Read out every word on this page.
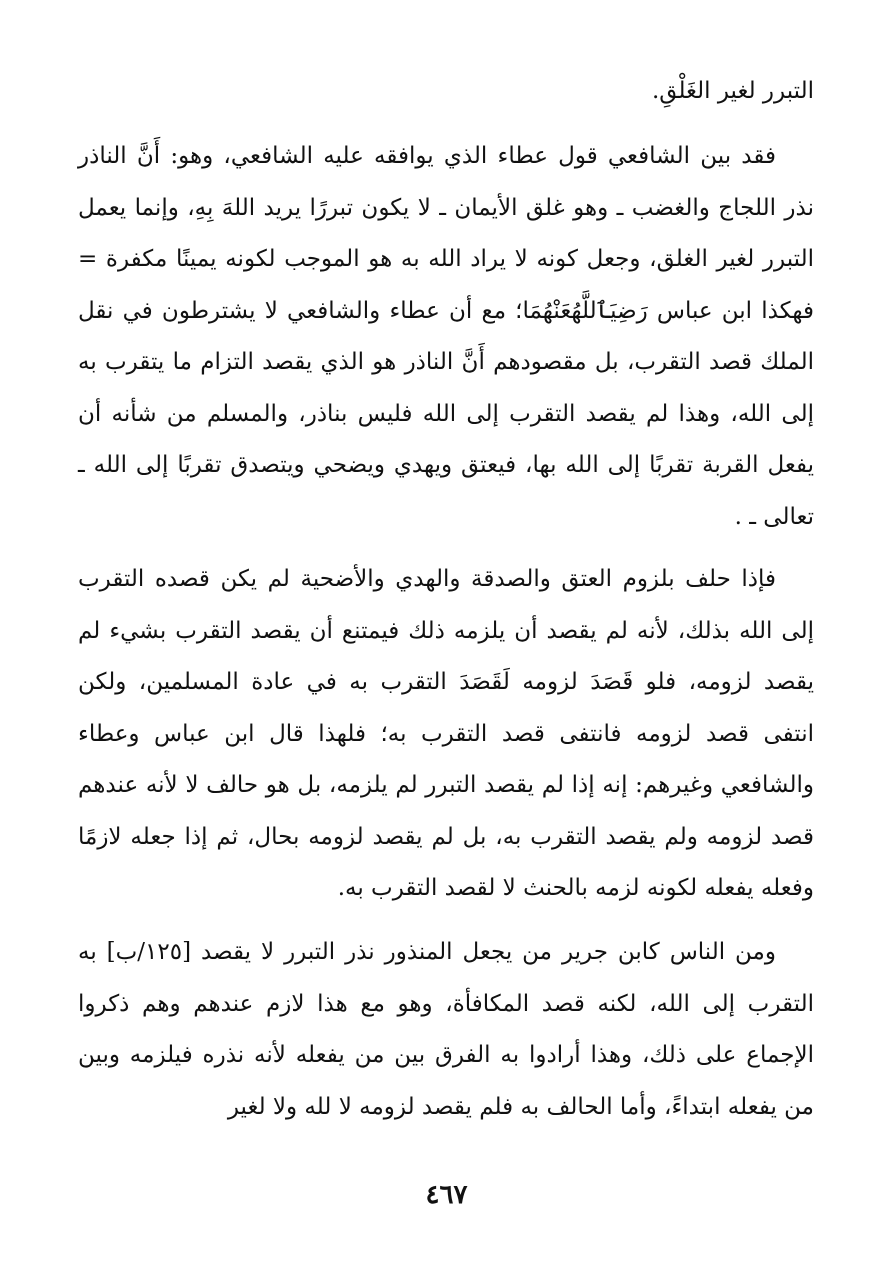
التبرر لغير الغَلْقِ.

فقد بين الشافعي قول عطاء الذي يوافقه عليه الشافعي، وهو: أَنَّ الناذر نذر اللجاج والغضب ـ وهو غلق الأيمان ـ لا يكون تبررًا يريد اللهَ بِهِ، وإنما يعمل التبرر لغير الغلق، وجعل كونه لا يراد الله به هو الموجب لكونه يمينًا مكفرة = فهكذا ابن عباس رَضِيَٱللَّهُعَنْهُمَا؛ مع أن عطاء والشافعي لا يشترطون في نقل الملك قصد التقرب، بل مقصودهم أَنَّ الناذر هو الذي يقصد التزام ما يتقرب به إلى الله، وهذا لم يقصد التقرب إلى الله فليس بناذر، والمسلم من شأنه أن يفعل القربة تقربًا إلى الله بها، فيعتق ويهدي ويضحي ويتصدق تقربًا إلى الله ـ تعالى ـ .

فإذا حلف بلزوم العتق والصدقة والهدي والأضحية لم يكن قصده التقرب إلى الله بذلك، لأنه لم يقصد أن يلزمه ذلك فيمتنع أن يقصد التقرب بشيء لم يقصد لزومه، فلو قَصَدَ لزومه لَقَصَدَ التقرب به في عادة المسلمين، ولكن انتفى قصد لزومه فانتفى قصد التقرب به؛ فلهذا قال ابن عباس وعطاء والشافعي وغيرهم: إنه إذا لم يقصد التبرر لم يلزمه، بل هو حالف لا لأنه عندهم قصد لزومه ولم يقصد التقرب به، بل لم يقصد لزومه بحال، ثم إذا جعله لازمًا وفعله يفعله لكونه لزمه بالحنث لا لقصد التقرب به.

ومن الناس كابن جرير من يجعل المنذور نذر التبرر لا يقصد [١٢٥/ب] به التقرب إلى الله، لكنه قصد المكافأة، وهو مع هذا لازم عندهم وهم ذكروا الإجماع على ذلك، وهذا أرادوا به الفرق بين من يفعله لأنه نذره فيلزمه وبين من يفعله ابتداءً، وأما الحالف به فلم يقصد لزومه لا لله ولا لغير

٤٦٧
